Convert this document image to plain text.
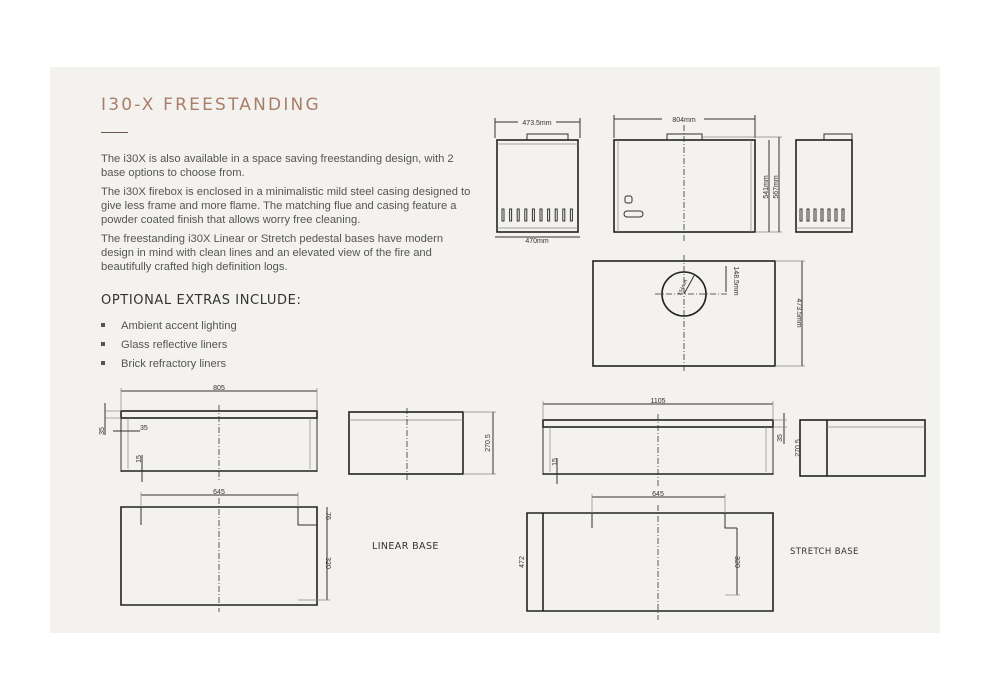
I30-X FREESTANDING

The i30X is also available in a space saving freestanding design, with 2 base options to choose from.

The i30X firebox is enclosed in a minimalistic mild steel casing designed to give less frame and more flame. The matching flue and casing feature a powder coated finish that allows worry free cleaning.

The freestanding i30X Linear or Stretch pedestal bases have modern design in mind with clean lines and an elevated view of the fire and beautifully crafted high definition logs.

OPTIONAL EXTRAS INCLUDE:
Ambient accent lighting
Glass reflective liners
Brick refractory liners
473.5mm
470mm
804mm
541mm 567mm
154mm	148.5mm
473.5mm
805
35	35
15
270.5
645
76
320
LINEAR BASE
1105
35
15
270.5
645
320
472
STRETCH BASE
